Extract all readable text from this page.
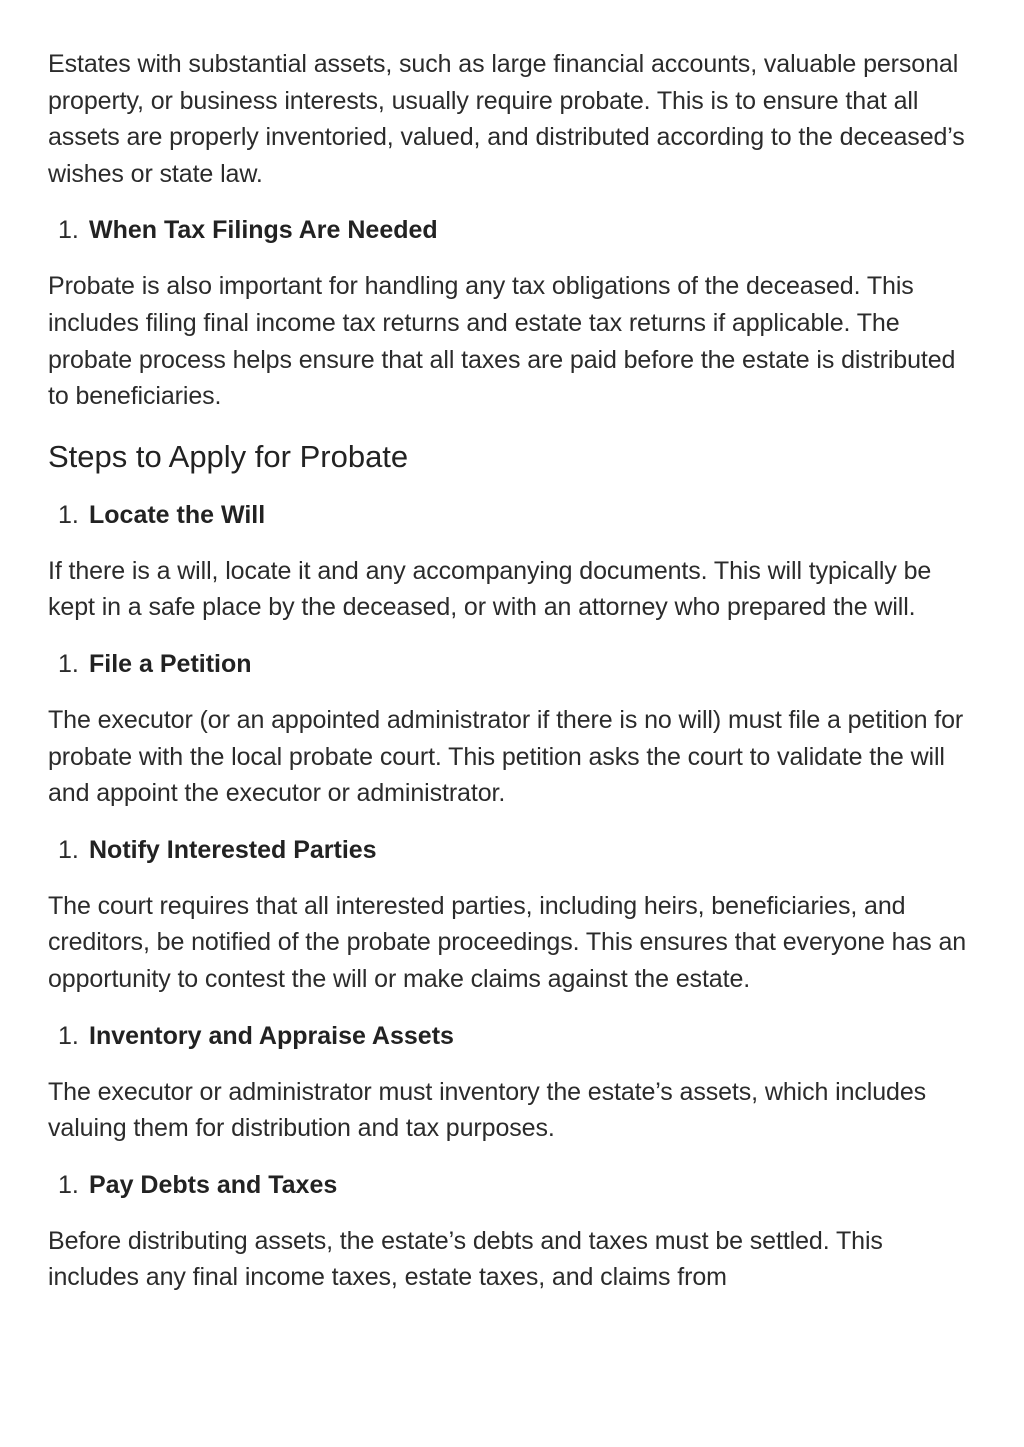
Estates with substantial assets, such as large financial accounts, valuable personal property, or business interests, usually require probate. This is to ensure that all assets are properly inventoried, valued, and distributed according to the deceased’s wishes or state law.

1. When Tax Filings Are Needed

Probate is also important for handling any tax obligations of the deceased. This includes filing final income tax returns and estate tax returns if applicable. The probate process helps ensure that all taxes are paid before the estate is distributed to beneficiaries.

Steps to Apply for Probate
1. Locate the Will

If there is a will, locate it and any accompanying documents. This will typically be kept in a safe place by the deceased, or with an attorney who prepared the will.

1. File a Petition

The executor (or an appointed administrator if there is no will) must file a petition for probate with the local probate court. This petition asks the court to validate the will and appoint the executor or administrator.

1. Notify Interested Parties

The court requires that all interested parties, including heirs, beneficiaries, and creditors, be notified of the probate proceedings. This ensures that everyone has an opportunity to contest the will or make claims against the estate.

1. Inventory and Appraise Assets

The executor or administrator must inventory the estate’s assets, which includes valuing them for distribution and tax purposes.

1. Pay Debts and Taxes

Before distributing assets, the estate’s debts and taxes must be settled. This includes any final income taxes, estate taxes, and claims from
